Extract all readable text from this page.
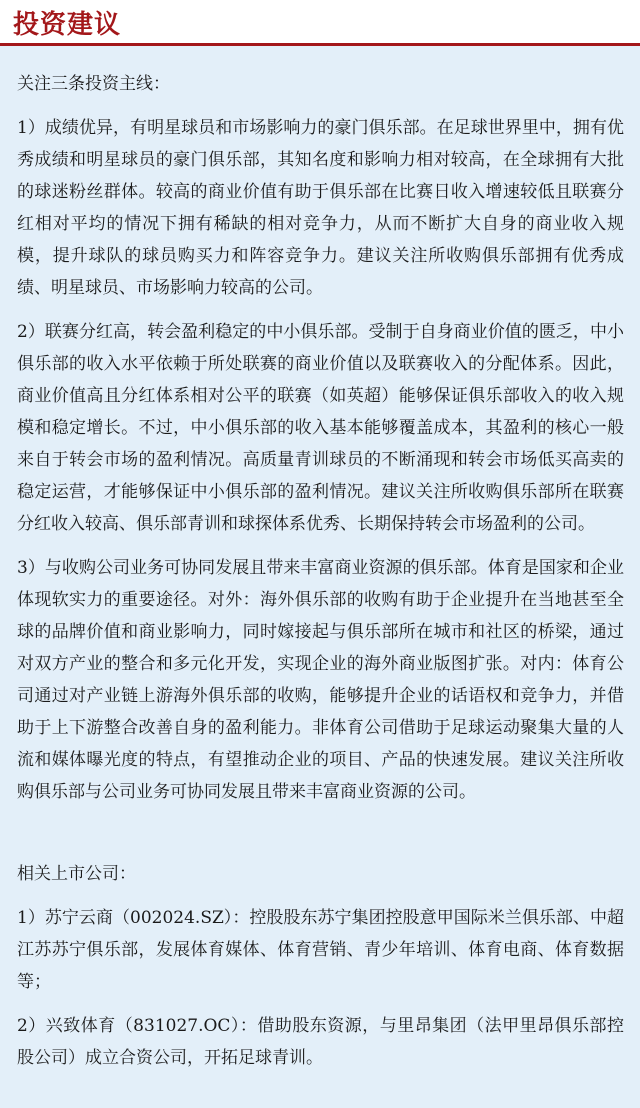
投资建议

关注三条投资主线：

1）成绩优异，有明星球员和市场影响力的豪门俱乐部。在足球世界里中，拥有优秀成绩和明星球员的豪门俱乐部，其知名度和影响力相对较高，在全球拥有大批的球迷粉丝群体。较高的商业价值有助于俱乐部在比赛日收入增速较低且联赛分红相对平均的情况下拥有稀缺的相对竞争力，从而不断扩大自身的商业收入规模，提升球队的球员购买力和阵容竞争力。建议关注所收购俱乐部拥有优秀成绩、明星球员、市场影响力较高的公司。

2）联赛分红高，转会盈利稳定的中小俱乐部。受制于自身商业价值的匮乏，中小俱乐部的收入水平依赖于所处联赛的商业价值以及联赛收入的分配体系。因此，商业价值高且分红体系相对公平的联赛（如英超）能够保证俱乐部收入的收入规模和稳定增长。不过，中小俱乐部的收入基本能够覆盖成本，其盈利的核心一般来自于转会市场的盈利情况。高质量青训球员的不断涌现和转会市场低买高卖的稳定运营，才能够保证中小俱乐部的盈利情况。建议关注所收购俱乐部所在联赛分红收入较高、俱乐部青训和球探体系优秀、长期保持转会市场盈利的公司。

3）与收购公司业务可协同发展且带来丰富商业资源的俱乐部。体育是国家和企业体现软实力的重要途径。对外：海外俱乐部的收购有助于企业提升在当地甚至全球的品牌价值和商业影响力，同时嫁接起与俱乐部所在城市和社区的桥梁，通过对双方产业的整合和多元化开发，实现企业的海外商业版图扩张。对内：体育公司通过对产业链上游海外俱乐部的收购，能够提升企业的话语权和竞争力，并借助于上下游整合改善自身的盈利能力。非体育公司借助于足球运动聚集大量的人流和媒体曝光度的特点，有望推动企业的项目、产品的快速发展。建议关注所收购俱乐部与公司业务可协同发展且带来丰富商业资源的公司。

相关上市公司：

1）苏宁云商（002024.SZ）：控股股东苏宁集团控股意甲国际米兰俱乐部、中超江苏苏宁俱乐部，发展体育媒体、体育营销、青少年培训、体育电商、体育数据等；

2）兴致体育（831027.OC）：借助股东资源，与里昂集团（法甲里昂俱乐部控股公司）成立合资公司，开拓足球青训。
